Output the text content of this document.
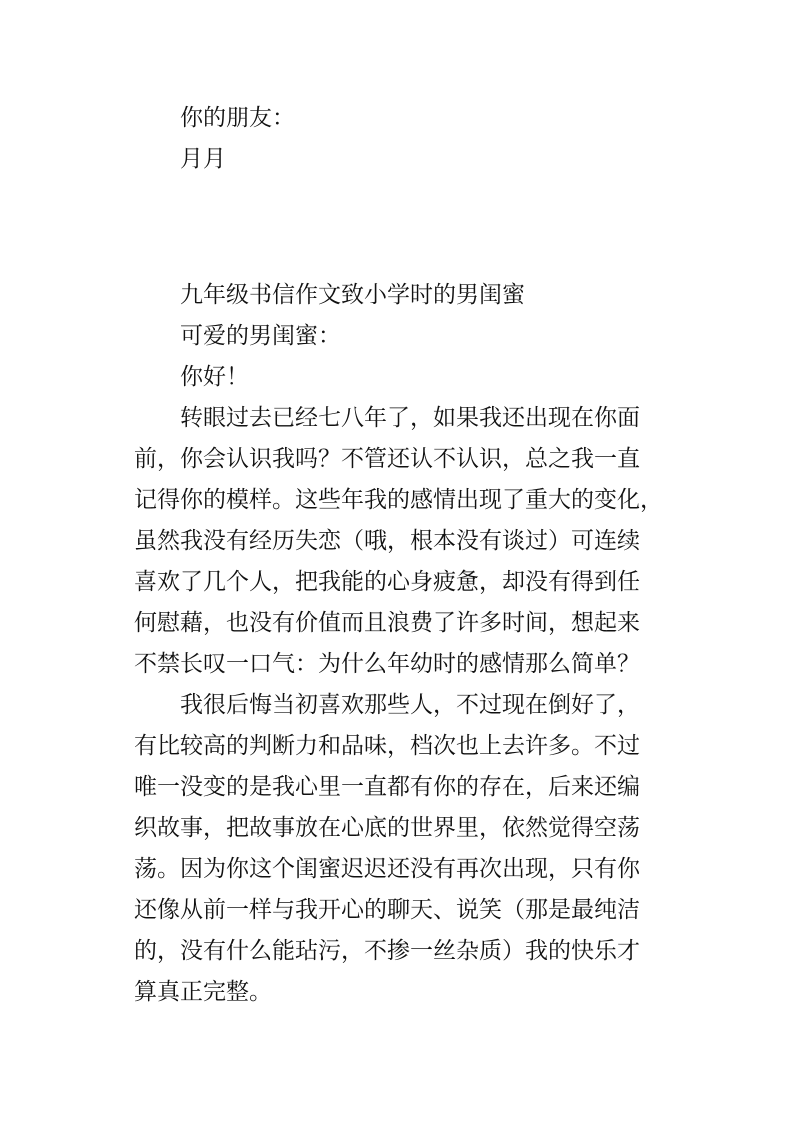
你的朋友：
月月
九年级书信作文致小学时的男闺蜜
可爱的男闺蜜：
你好！
转眼过去已经七八年了，如果我还出现在你面
前，你会认识我吗？不管还认不认识，总之我一直
记得你的模样。这些年我的感情出现了重大的变化，
虽然我没有经历失恋（哦，根本没有谈过）可连续
喜欢了几个人，把我能的心身疲惫，却没有得到任
何慰藉，也没有价值而且浪费了许多时间，想起来
不禁长叹一口气：为什么年幼时的感情那么简单？
我很后悔当初喜欢那些人，不过现在倒好了，
有比较高的判断力和品味，档次也上去许多。不过
唯一没变的是我心里一直都有你的存在，后来还编
织故事，把故事放在心底的世界里，依然觉得空荡
荡。因为你这个闺蜜迟迟还没有再次出现，只有你
还像从前一样与我开心的聊天、说笑（那是最纯洁
的，没有什么能玷污，不掺一丝杂质）我的快乐才
算真正完整。
